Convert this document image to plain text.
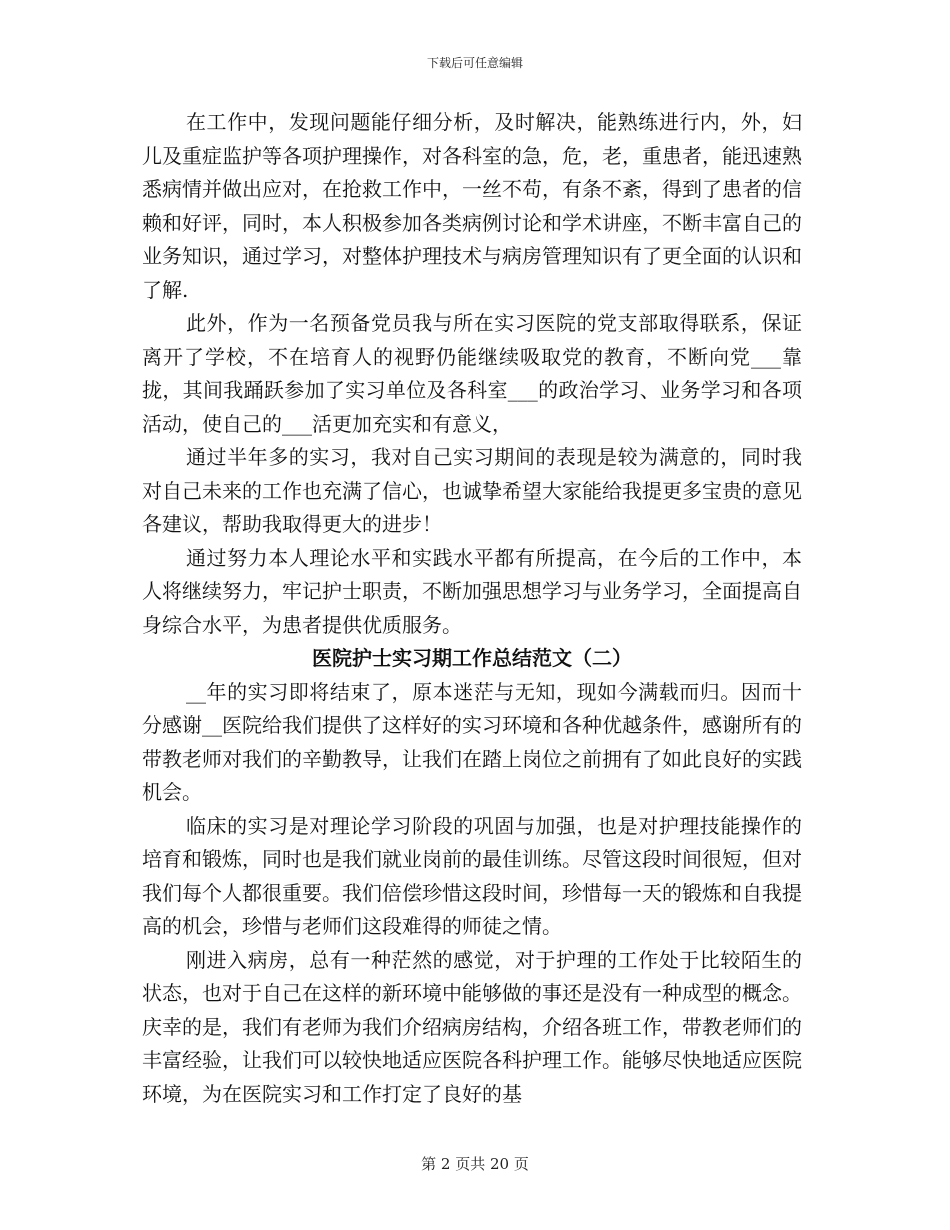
下载后可任意编辑

在工作中，发现问题能仔细分析，及时解决，能熟练进行内，外，妇儿及重症监护等各项护理操作，对各科室的急，危，老，重患者，能迅速熟悉病情并做出应对，在抢救工作中，一丝不苟，有条不紊，得到了患者的信赖和好评，同时，本人积极参加各类病例讨论和学术讲座，不断丰富自己的业务知识，通过学习，对整体护理技术与病房管理知识有了更全面的认识和了解.

此外，作为一名预备党员我与所在实习医院的党支部取得联系，保证离开了学校，不在培育人的视野仍能继续吸取党的教育，不断向党___靠拢，其间我踊跃参加了实习单位及各科室___的政治学习、业务学习和各项活动，使自己的___活更加充实和有意义，

通过半年多的实习，我对自己实习期间的表现是较为满意的，同时我对自己未来的工作也充满了信心，也诚挚希望大家能给我提更多宝贵的意见各建议，帮助我取得更大的进步！

通过努力本人理论水平和实践水平都有所提高，在今后的工作中，本人将继续努力，牢记护士职责，不断加强思想学习与业务学习，全面提高自身综合水平，为患者提供优质服务。

医院护士实习期工作总结范文（二）

__年的实习即将结束了，原本迷茫与无知，现如今满载而归。因而十分感谢__医院给我们提供了这样好的实习环境和各种优越条件，感谢所有的带教老师对我们的辛勤教导，让我们在踏上岗位之前拥有了如此良好的实践机会。

临床的实习是对理论学习阶段的巩固与加强，也是对护理技能操作的培育和锻炼，同时也是我们就业岗前的最佳训练。尽管这段时间很短，但对我们每个人都很重要。我们倍偿珍惜这段时间，珍惜每一天的锻炼和自我提高的机会，珍惜与老师们这段难得的师徒之情。

刚进入病房，总有一种茫然的感觉，对于护理的工作处于比较陌生的状态，也对于自己在这样的新环境中能够做的事还是没有一种成型的概念。庆幸的是，我们有老师为我们介绍病房结构，介绍各班工作，带教老师们的丰富经验，让我们可以较快地适应医院各科护理工作。能够尽快地适应医院环境，为在医院实习和工作打定了良好的基

第 2 页共 20 页
